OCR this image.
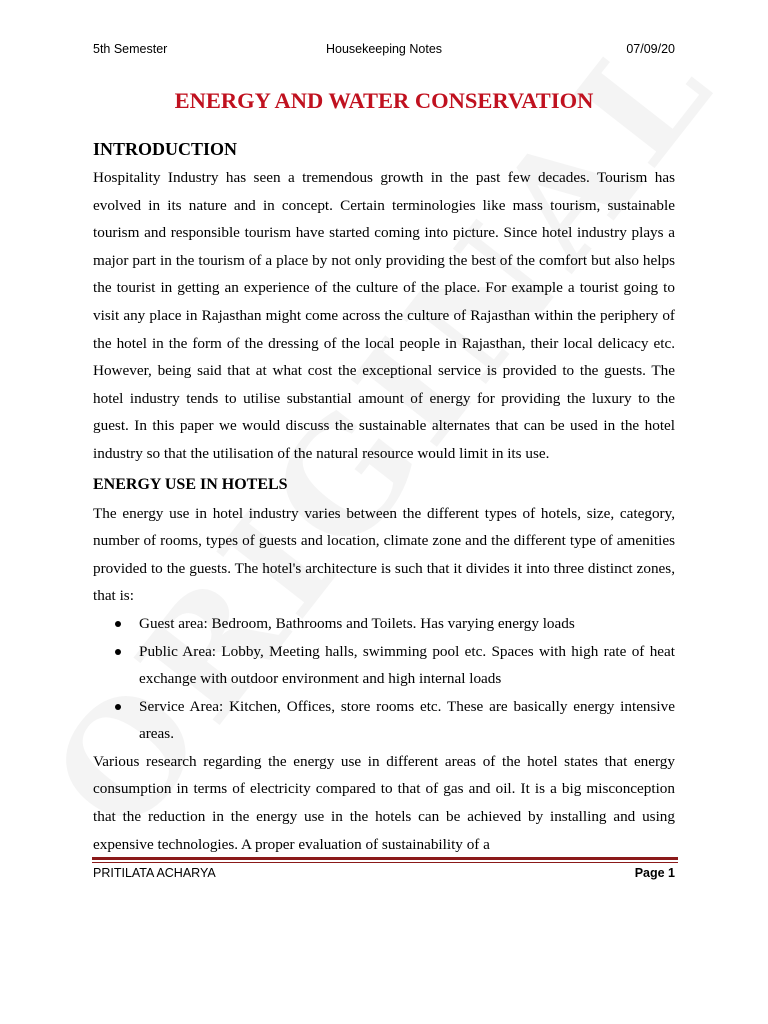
5th Semester	Housekeeping Notes	07/09/20
ENERGY AND WATER CONSERVATION
INTRODUCTION

Hospitality Industry has seen a tremendous growth in the past few decades. Tourism has evolved in its nature and in concept. Certain terminologies like mass tourism, sustainable tourism and responsible tourism have started coming into picture. Since hotel industry plays a major part in the tourism of a place by not only providing the best of the comfort but also helps the tourist in getting an experience of the culture of the place. For example a tourist going to visit any place in Rajasthan might come across the culture of Rajasthan within the periphery of the hotel in the form of the dressing of the local people in Rajasthan, their local delicacy etc. However, being said that at what cost the exceptional service is provided to the guests. The hotel industry tends to utilise substantial amount of energy for providing the luxury to the guest. In this paper we would discuss the sustainable alternates that can be used in the hotel industry so that the utilisation of the natural resource would limit in its use.

ENERGY USE IN HOTELS

The energy use in hotel industry varies between the different types of hotels, size, category, number of rooms, types of guests and location, climate zone and the different type of amenities provided to the guests. The hotel's architecture is such that it divides it into three distinct zones, that is:

Guest area: Bedroom, Bathrooms and Toilets. Has varying energy loads
Public Area: Lobby, Meeting halls, swimming pool etc. Spaces with high rate of heat exchange with outdoor environment and high internal loads
Service Area: Kitchen, Offices, store rooms etc. These are basically energy intensive areas.

Various research regarding the energy use in different areas of the hotel states that energy consumption in terms of electricity compared to that of gas and oil. It is a big misconception that the reduction in the energy use in the hotels can be achieved by installing and using expensive technologies. A proper evaluation of sustainability of a

PRITILATA ACHARYA	Page 1
